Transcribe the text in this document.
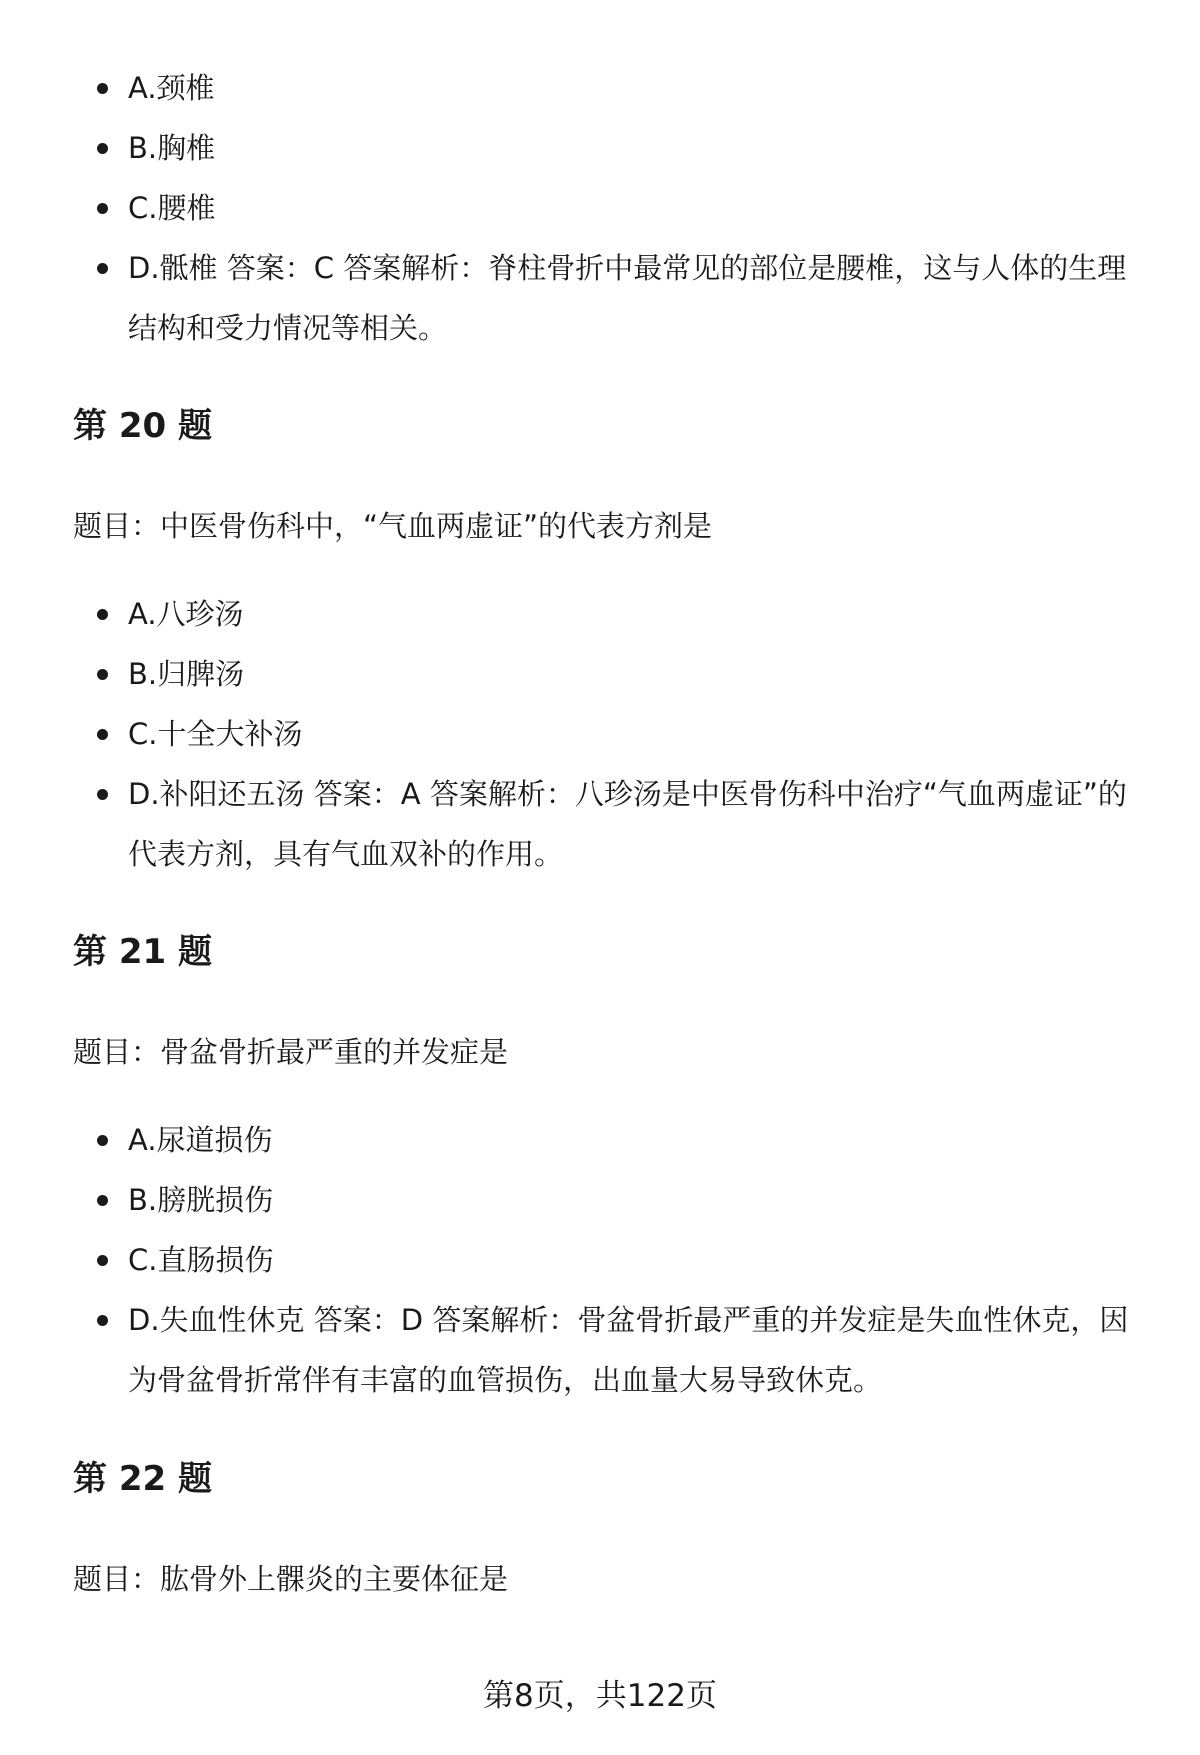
A.颈椎
B.胸椎
C.腰椎
D.骶椎 答案：C 答案解析：脊柱骨折中最常见的部位是腰椎，这与人体的生理结构和受力情况等相关。
第 20 题

题目：中医骨伤科中，“气血两虚证”的代表方剂是

A.八珍汤
B.归脾汤
C.十全大补汤
D.补阳还五汤 答案：A 答案解析：八珍汤是中医骨伤科中治疗“气血两虚证”的代表方剂，具有气血双补的作用。
第 21 题

题目：骨盆骨折最严重的并发症是

A.尿道损伤
B.膀胱损伤
C.直肠损伤
D.失血性休克 答案：D 答案解析：骨盆骨折最严重的并发症是失血性休克，因为骨盆骨折常伴有丰富的血管损伤，出血量大易导致休克。
第 22 题

题目：肱骨外上髁炎的主要体征是

第8页，共122页
